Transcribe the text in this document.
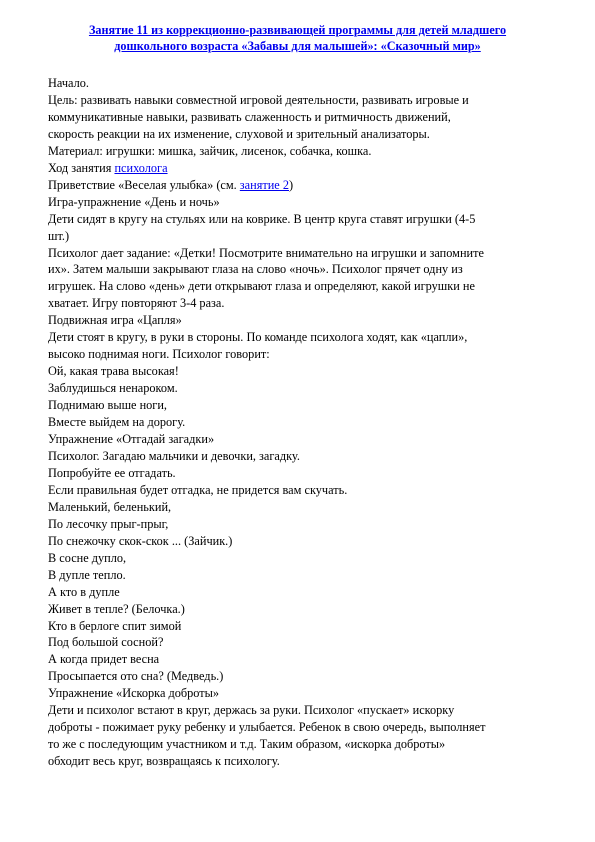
Занятие 11 из коррекционно-развивающей программы для детей младшего
дошкольного возраста «Забавы для малышей»: «Сказочный мир»
Начало.
Цель: развивать навыки совместной игровой деятельности, развивать игровые и
коммуникативные навыки, развивать слаженность и ритмичность движений,
скорость реакции на их изменение, слуховой и зрительный анализаторы.
Материал: игрушки: мишка, зайчик, лисенок, собачка, кошка.
Ход занятия психолога
Приветствие «Веселая улыбка» (см. занятие 2)
Игра-упражнение «День и ночь»
Дети сидят в кругу на стульях или на коврике. В центр круга ставят игрушки (4-5
шт.)
Психолог дает задание: «Детки! Посмотрите внимательно на игрушки и запомните
их». Затем малыши закрывают глаза на слово «ночь». Психолог прячет одну из
игрушек. На слово «день» дети открывают глаза и определяют, какой игрушки не
хватает. Игру повторяют 3-4 раза.
Подвижная игра «Цапля»
Дети стоят в кругу, в руки в стороны. По команде психолога ходят, как «цапли»,
высоко поднимая ноги. Психолог говорит:
Ой, какая трава высокая!
Заблудишься ненароком.
Поднимаю выше ноги,
Вместе выйдем на дорогу.
Упражнение «Отгадай загадки»
Психолог. Загадаю мальчики и девочки, загадку.
Попробуйте ее отгадать.
Если правильная будет отгадка, не придется вам скучать.
Маленький, беленький,
По лесочку прыг-прыг,
По снежочку скок-скок ... (Зайчик.)
В сосне дупло,
В дупле тепло.
А кто в дупле
Живет в тепле? (Белочка.)
Кто в берлоге спит зимой
Под большой сосной?
А когда придет весна
Просыпается ото сна? (Медведь.)
Упражнение «Искорка доброты»
Дети и психолог встают в круг, держась за руки. Психолог «пускает» искорку
доброты - пожимает руку ребенку и улыбается. Ребенок в свою очередь, выполняет
то же с последующим участником и т.д. Таким образом, «искорка доброты»
обходит весь круг, возвращаясь к психологу.
